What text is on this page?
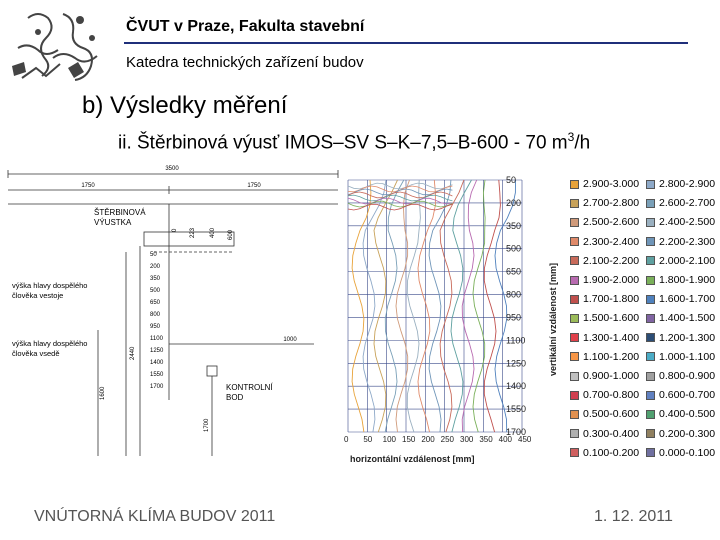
ČVUT v Praze, Fakulta stavební
Katedra technických zařízení budov
b) Výsledky měření
ii. Štěrbinová výusť IMOS–SV S–K–7,5–B-600 - 70 $m^3/h$
3500
1750	1750
ŠTĚRBINOVÁ
VÝUSTKA
0 223 400 600
výška hlavy dospělého
člověka vestoje
výška hlavy dospělého
člověka vsedě
50
200
350
500
650
800
950
1100
1250
1400
1550
1700
2440
1600
1700
1000
KONTROLNÍ
BOD
50
200
350
500
650
800
950
1100
1250
1400
1550
1700
0 50 100 150 200 250 300 350 400 450
horizontální vzdálenost [mm]
vertikální vzdálenost [mm]
2.900-3.000 2.800-2.900
2.700-2.800 2.600-2.700
2.500-2.600 2.400-2.500
2.300-2.400 2.200-2.300
2.100-2.200 2.000-2.100
1.900-2.000 1.800-1.900
1.700-1.800 1.600-1.700
1.500-1.600 1.400-1.500
1.300-1.400 1.200-1.300
1.100-1.200 1.000-1.100
0.900-1.000 0.800-0.900
0.700-0.800 0.600-0.700
0.500-0.600 0.400-0.500
0.300-0.400 0.200-0.300
0.100-0.200 0.000-0.100
VNÚTORNÁ KLÍMA BUDOV 2011	1. 12. 2011
